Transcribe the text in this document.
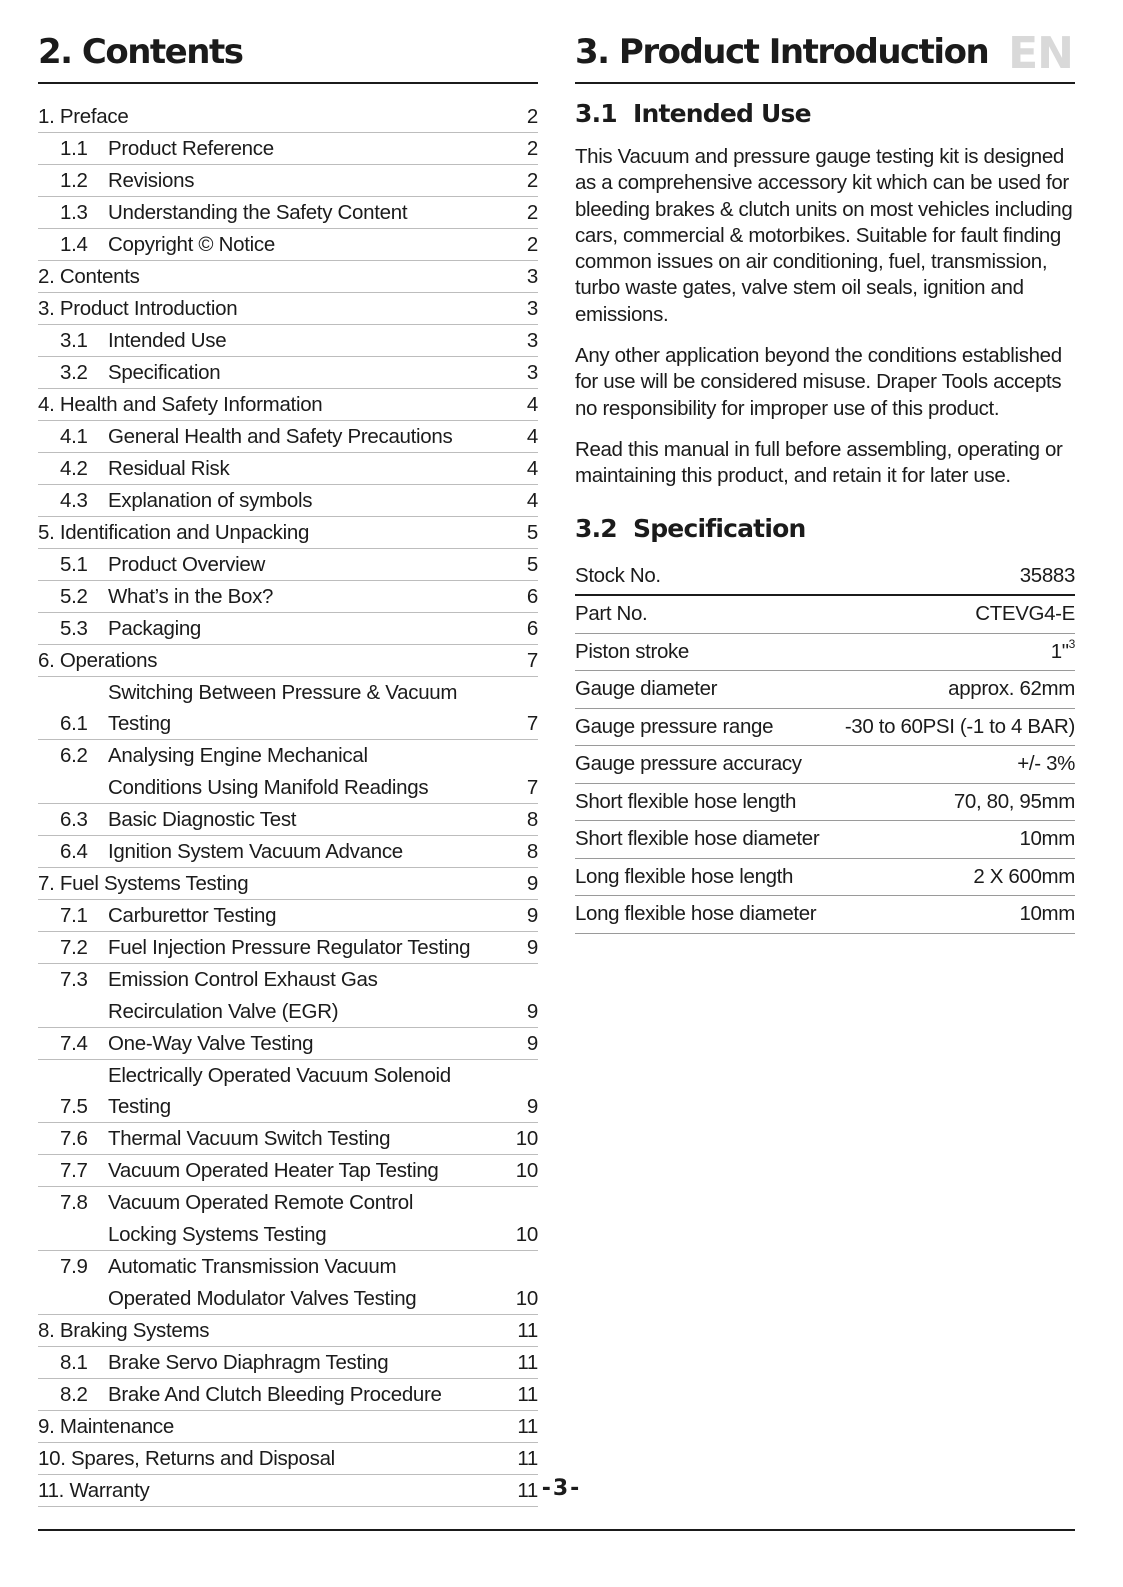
2. Contents
1. Preface	2
1.1 Product Reference	2
1.2 Revisions	2
1.3 Understanding the Safety Content	2
1.4 Copyright © Notice	2
2. Contents	3
3. Product Introduction	3
3.1 Intended Use	3
3.2 Specification	3
4. Health and Safety Information	4
4.1 General Health and Safety Precautions	4
4.2 Residual Risk	4
4.3 Explanation of symbols	4
5. Identification and Unpacking	5
5.1 Product Overview	5
5.2 What’s in the Box?	6
5.3 Packaging	6
6. Operations	7
6.1
Switching Between Pressure & Vacuum Testing	7
6.2 Analysing Engine Mechanical
Conditions Using Manifold Readings	7
6.3 Basic Diagnostic Test	8
6.4 Ignition System Vacuum Advance	8
7. Fuel Systems Testing	9
7.1 Carburettor Testing	9
7.2 Fuel Injection Pressure Regulator Testing	9
7.3 Emission Control Exhaust Gas
Recirculation Valve (EGR)	9
7.4 One-Way Valve Testing	9
7.5
Electrically Operated Vacuum Solenoid Testing	9
7.6 Thermal Vacuum Switch Testing	10
7.7 Vacuum Operated Heater Tap Testing	10
7.8 Vacuum Operated Remote Control
Locking Systems Testing	10
7.9 Automatic Transmission Vacuum
Operated Modulator Valves Testing	10
8. Braking Systems	11
8.1 Brake Servo Diaphragm Testing	11
8.2 Brake And Clutch Bleeding Procedure	11
9. Maintenance	11
10. Spares, Returns and Disposal	11
11. Warranty	11
3. Product Introduction EN
3.1 Intended Use

This Vacuum and pressure gauge testing kit is designed as a comprehensive accessory kit which can be used for bleeding brakes & clutch units on most vehicles including cars, commercial & motorbikes. Suitable for fault finding common issues on air conditioning, fuel, transmission, turbo waste gates, valve stem oil seals, ignition and emissions.

Any other application beyond the conditions established for use will be considered misuse. Draper Tools accepts no responsibility for improper use of this product.

Read this manual in full before assembling, operating or maintaining this product, and retain it for later use.

3.2 Specification
Stock No.	35883
Part No.	CTEVG4-E
Piston stroke	1"$^3$
Gauge diameter	approx. 62mm
Gauge pressure range	-30 to 60PSI (-1 to 4 BAR)
Gauge pressure accuracy	+/- 3%
Short flexible hose length	70, 80, 95mm
Short flexible hose diameter	10mm
Long flexible hose length	2 X 600mm
Long flexible hose diameter	10mm
-3-
